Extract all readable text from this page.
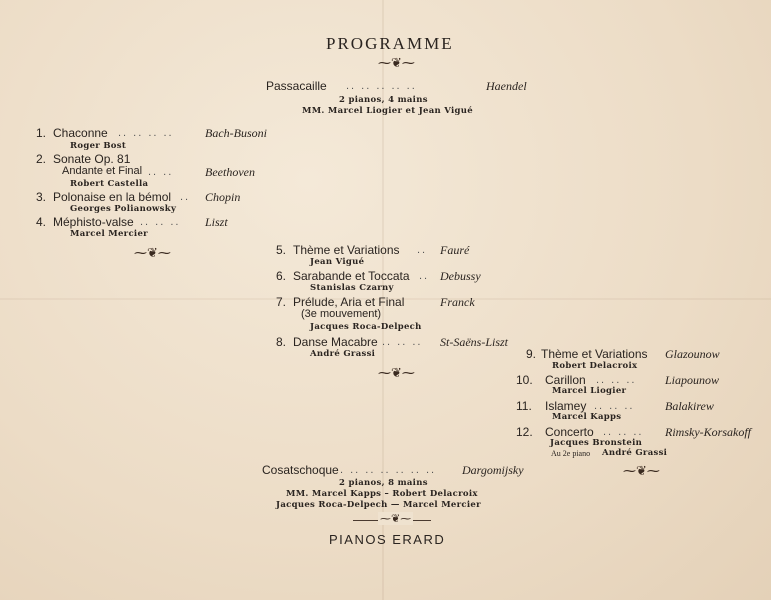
PROGRAMME
⁓❦⁓
Passacaille .. .. .. .. ..	Haendel
2 pianos, 4 mains
MM. Marcel Liogier et Jean Vigué
1. Chaconne .. .. .. ..	Bach-Busoni
Roger Bost
2. Sonate Op. 81
Andante et Final .. ..	Beethoven
Robert Castella
3. Polonaise en la bémol .. Chopin
Georges Polianowsky
4. Méphisto-valse .. .. .. Liszt
Marcel Mercier
⁓❦⁓	5. Thème et Variations .. Fauré
Jean Vigué
6. Sarabande et Toccata .. Debussy
Stanislas Czarny
7. Prélude, Aria et Final	Franck
(3e mouvement)
Jacques Roca-Delpech
8. Danse Macabre .. .. .. St-Saëns-Liszt
André Grassi
⁓❦⁓
9. Thème et Variations Glazounow
Robert Delacroix
10. Carillon .. .. .. Liapounow
Marcel Liogier
11. Islamey .. .. ..	Balakirew
Marcel Kapps
12. Concerto .. .. .. Rimsky-Korsakoff
Jacques Bronstein
Au 2e piano André Grassi
⁓❦⁓
Cosatschoque . .. .. .. .. .. .. Dargomijsky
2 pianos, 8 mains
MM. Marcel Kapps – Robert Delacroix
Jacques Roca-Delpech — Marcel Mercier
⁓❦⁓
PIANOS ERARD
